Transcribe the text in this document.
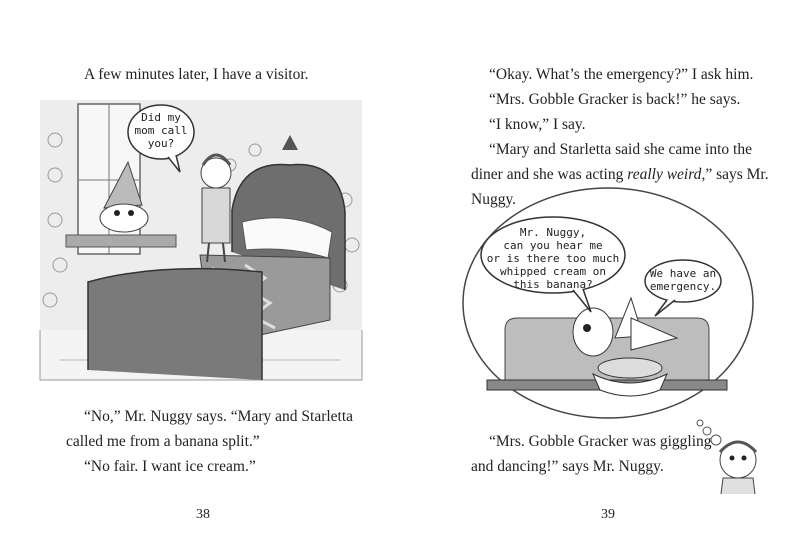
A few minutes later, I have a visitor.
Did my
mom call
you?
“No,” Mr. Nuggy says. “Mary and Starletta
called me from a banana split.”
“No fair. I want ice cream.”
38
“Okay. What’s the emergency?” I ask him.
“Mrs. Gobble Gracker is back!” he says.
“I know,” I say.
“Mary and Starletta said she came into the
diner and she was acting really weird,” says Mr.
Nuggy.
Mr. Nuggy,
can you hear me
or is there too much
whipped cream on
this banana?
We have an
emergency.
“Mrs. Gobble Gracker was giggling
and dancing!” says Mr. Nuggy.
39
